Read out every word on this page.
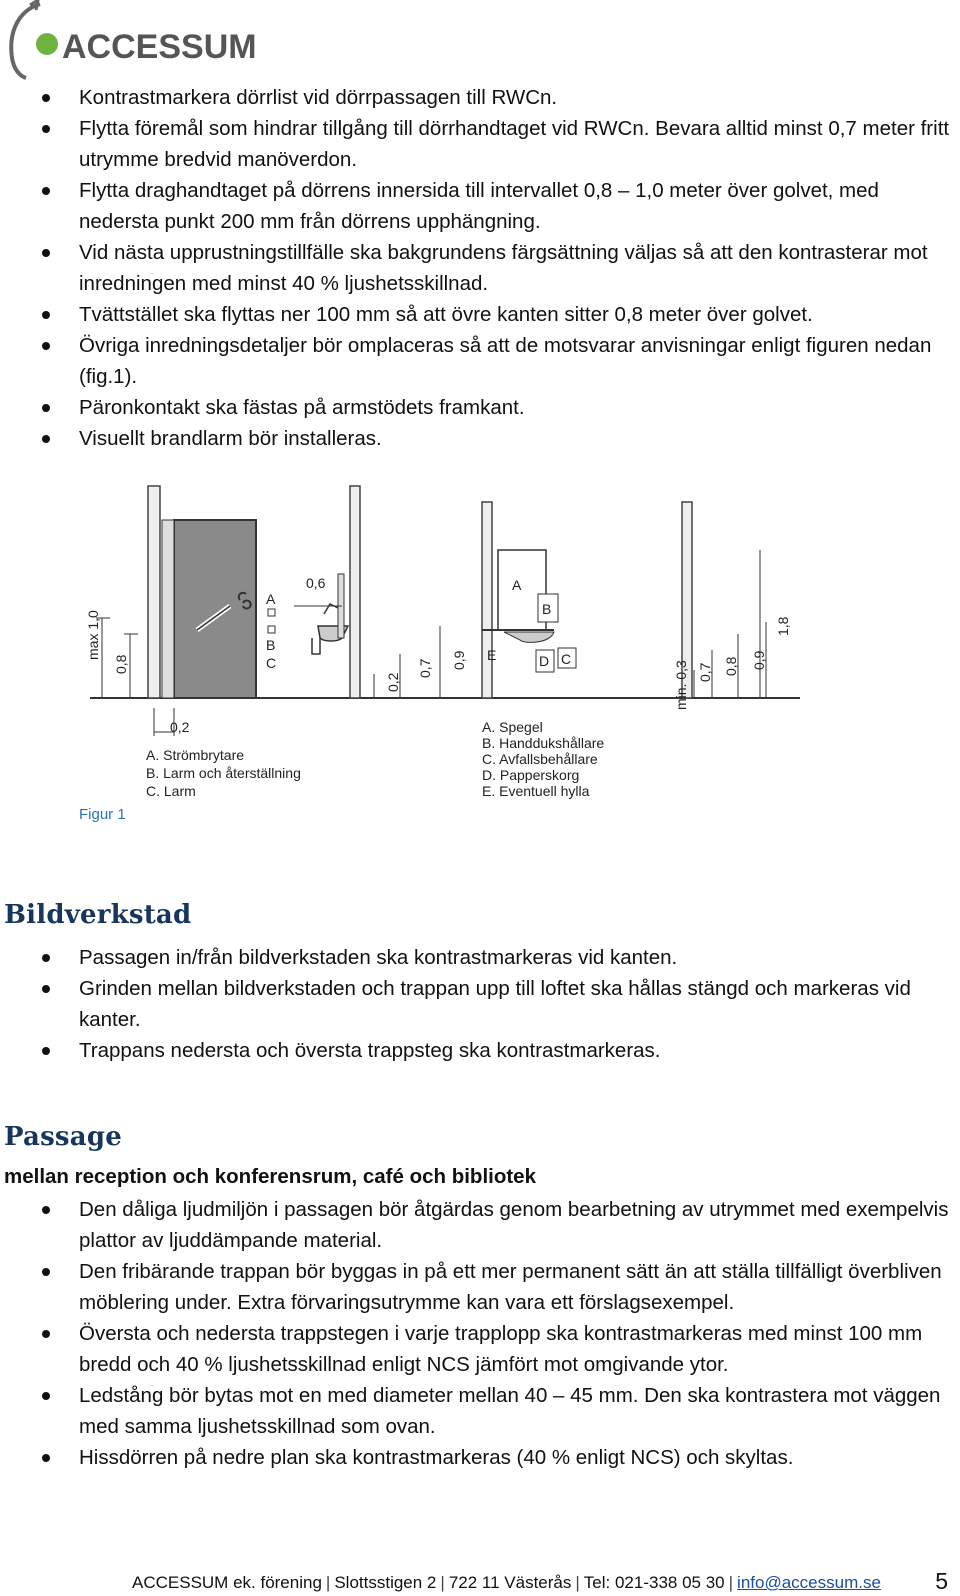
ACCESSUM
Kontrastmarkera dörrlist vid dörrpassagen till RWCn.
Flytta föremål som hindrar tillgång till dörrhandtaget vid RWCn. Bevara alltid minst 0,7 meter fritt utrymme bredvid manöverdon.
Flytta draghandtaget på dörrens innersida till intervallet 0,8 – 1,0 meter över golvet, med nedersta punkt 200 mm från dörrens upphängning.
Vid nästa upprustningstillfälle ska bakgrundens färgsättning väljas så att den kontrasterar mot inredningen med minst 40 % ljushetsskillnad.
Tvättstället ska flyttas ner 100 mm så att övre kanten sitter 0,8 meter över golvet.
Övriga inredningsdetaljer bör omplaceras så att de motsvarar anvisningar enligt figuren nedan (fig.1).
Päronkontakt ska fästas på armstödets framkant.
Visuellt brandlarm bör installeras.
A
B
C
max 1,0
0,8
0,6
0,2
0,7 0,9
0,2
A. Strömbrytare
B. Larm och återställning
C. Larm
A
B
E	D C
1,8
min. 0,3 0,7 0,8 0,9
A. Spegel
B. Handdukshållare
C. Avfallsbehållare
D. Papperskorg
E. Eventuell hylla
Figur 1
Bildverkstad
Passagen in/från bildverkstaden ska kontrastmarkeras vid kanten.
Grinden mellan bildverkstaden och trappan upp till loftet ska hållas stängd och markeras vid kanter.
Trappans nedersta och översta trappsteg ska kontrastmarkeras.
Passage
mellan reception och konferensrum, café och bibliotek
Den dåliga ljudmiljön i passagen bör åtgärdas genom bearbetning av utrymmet med exempelvis plattor av ljuddämpande material.
Den fribärande trappan bör byggas in på ett mer permanent sätt än att ställa tillfälligt överbliven möblering under. Extra förvaringsutrymme kan vara ett förslagsexempel.
Översta och nedersta trappstegen i varje trapplopp ska kontrastmarkeras med minst 100 mm bredd och 40 % ljushetsskillnad enligt NCS jämfört mot omgivande ytor.
Ledstång bör bytas mot en med diameter mellan 40 – 45 mm. Den ska kontrastera mot väggen med samma ljushetsskillnad som ovan.
Hissdörren på nedre plan ska kontrastmarkeras (40 % enligt NCS) och skyltas.
ACCESSUM ek. förening | Slottsstigen 2 | 722 11 Västerås | Tel: 021-338 05 30 | info@accessum.se 5
